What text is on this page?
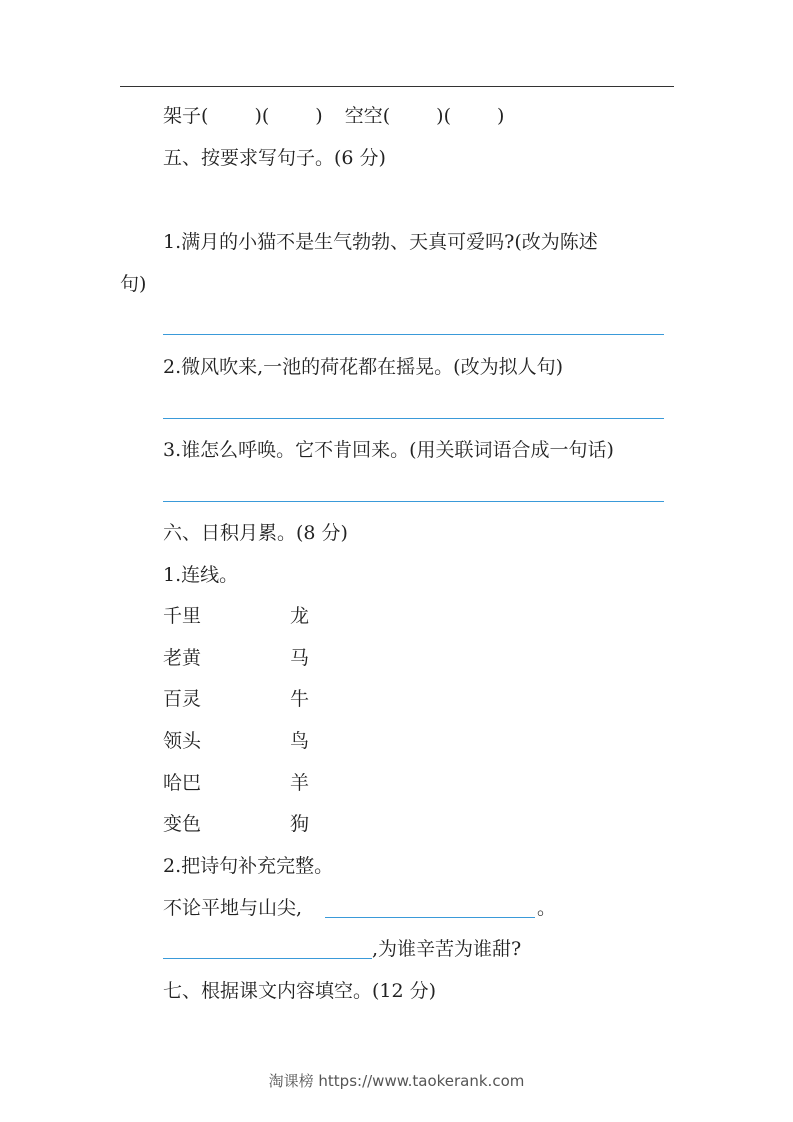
架子( )( ) 空空( )( )
五、按要求写句子。(6 分)
1.满月的小猫不是生气勃勃、天真可爱吗?(改为陈述
句)
2.微风吹来,一池的荷花都在摇晃。(改为拟人句)
3.谁怎么呼唤。它不肯回来。(用关联词语合成一句话)
六、日积月累。(8 分)
1.连线。
千里	龙
老黄	马
百灵	牛
领头	鸟
哈巴	羊
变色	狗
2.把诗句补充完整。
不论平地与山尖,	。
,为谁辛苦为谁甜?
七、根据课文内容填空。(12 分)
淘课榜 https://www.taokerank.com
